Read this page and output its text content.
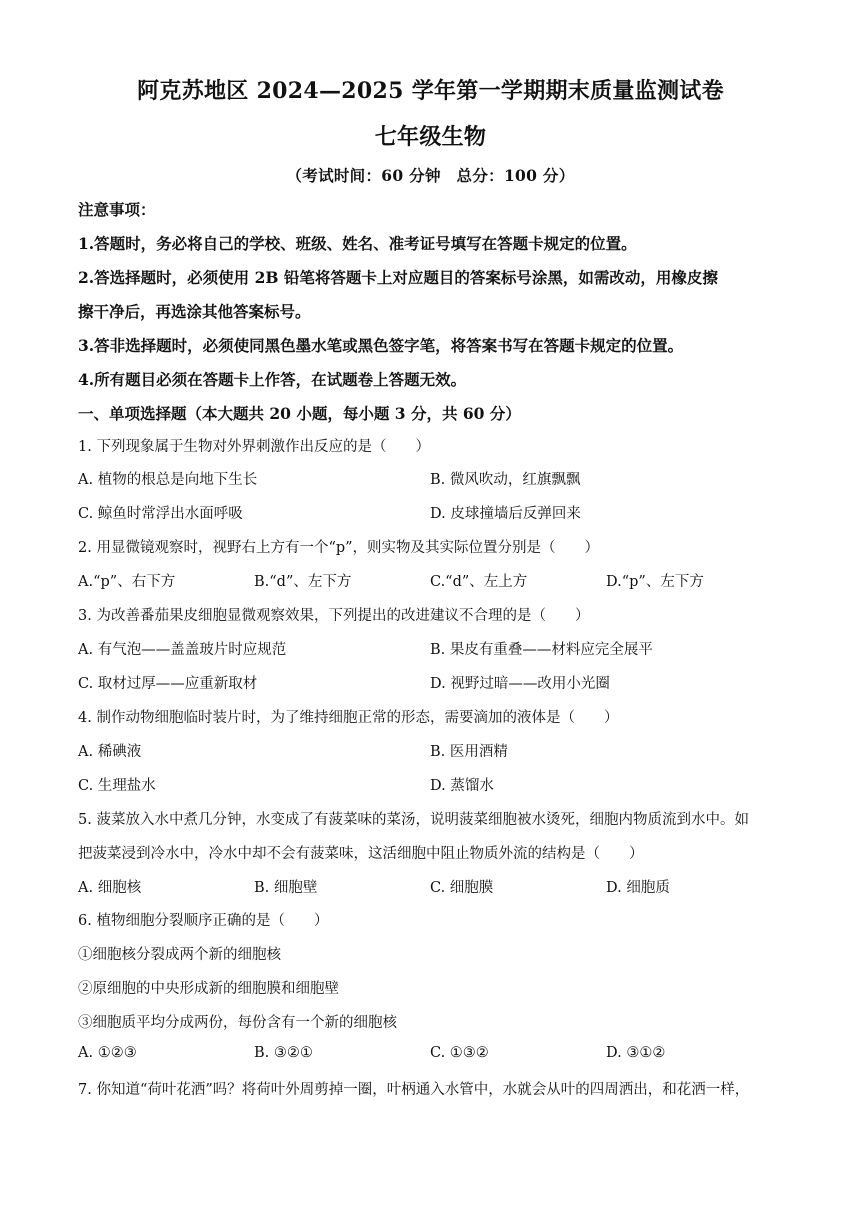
阿克苏地区 2024—2025 学年第一学期期末质量监测试卷
七年级生物
（考试时间：60 分钟　总分：100 分）
注意事项：
1.答题时，务必将自己的学校、班级、姓名、准考证号填写在答题卡规定的位置。
2.答选择题时，必须使用 2B 铅笔将答题卡上对应题目的答案标号涂黑，如需改动，用橡皮擦
擦干净后，再选涂其他答案标号。
3.答非选择题时，必须使同黑色墨水笔或黑色签字笔，将答案书写在答题卡规定的位置。
4.所有题目必须在答题卡上作答，在试题卷上答题无效。
一、单项选择题（本大题共 20 小题，每小题 3 分，共 60 分）
1. 下列现象属于生物对外界刺激作出反应的是（　　）
A. 植物的根总是向地下生长	B. 微风吹动，红旗飘飘
C. 鲸鱼时常浮出水面呼吸	D. 皮球撞墙后反弹回来
2. 用显微镜观察时，视野右上方有一个“p”，则实物及其实际位置分别是（　　）
A.“p”、右下方	B.“d”、左下方	C.“d”、左上方	D.“p”、左下方
3. 为改善番茄果皮细胞显微观察效果，下列提出的改进建议不合理的是（　　）
A. 有气泡——盖盖玻片时应规范	B. 果皮有重叠——材料应完全展平
C. 取材过厚——应重新取材	D. 视野过暗——改用小光圈
4. 制作动物细胞临时装片时，为了维持细胞正常的形态，需要滴加的液体是（　　）
A. 稀碘液	B. 医用酒精
C. 生理盐水	D. 蒸馏水
5. 菠菜放入水中煮几分钟，水变成了有菠菜味的菜汤，说明菠菜细胞被水烫死，细胞内物质流到水中。如
把菠菜浸到冷水中，冷水中却不会有菠菜味，这活细胞中阻止物质外流的结构是（　　）
A. 细胞核	B. 细胞壁	C. 细胞膜	D. 细胞质
6. 植物细胞分裂顺序正确的是（　　）
①细胞核分裂成两个新的细胞核
②原细胞的中央形成新的细胞膜和细胞壁
③细胞质平均分成两份，每份含有一个新的细胞核
A. ①②③	B. ③②①	C. ①③②	D. ③①②
7. 你知道“荷叶花洒”吗？将荷叶外周剪掉一圈，叶柄通入水管中，水就会从叶的四周洒出，和花洒一样，
